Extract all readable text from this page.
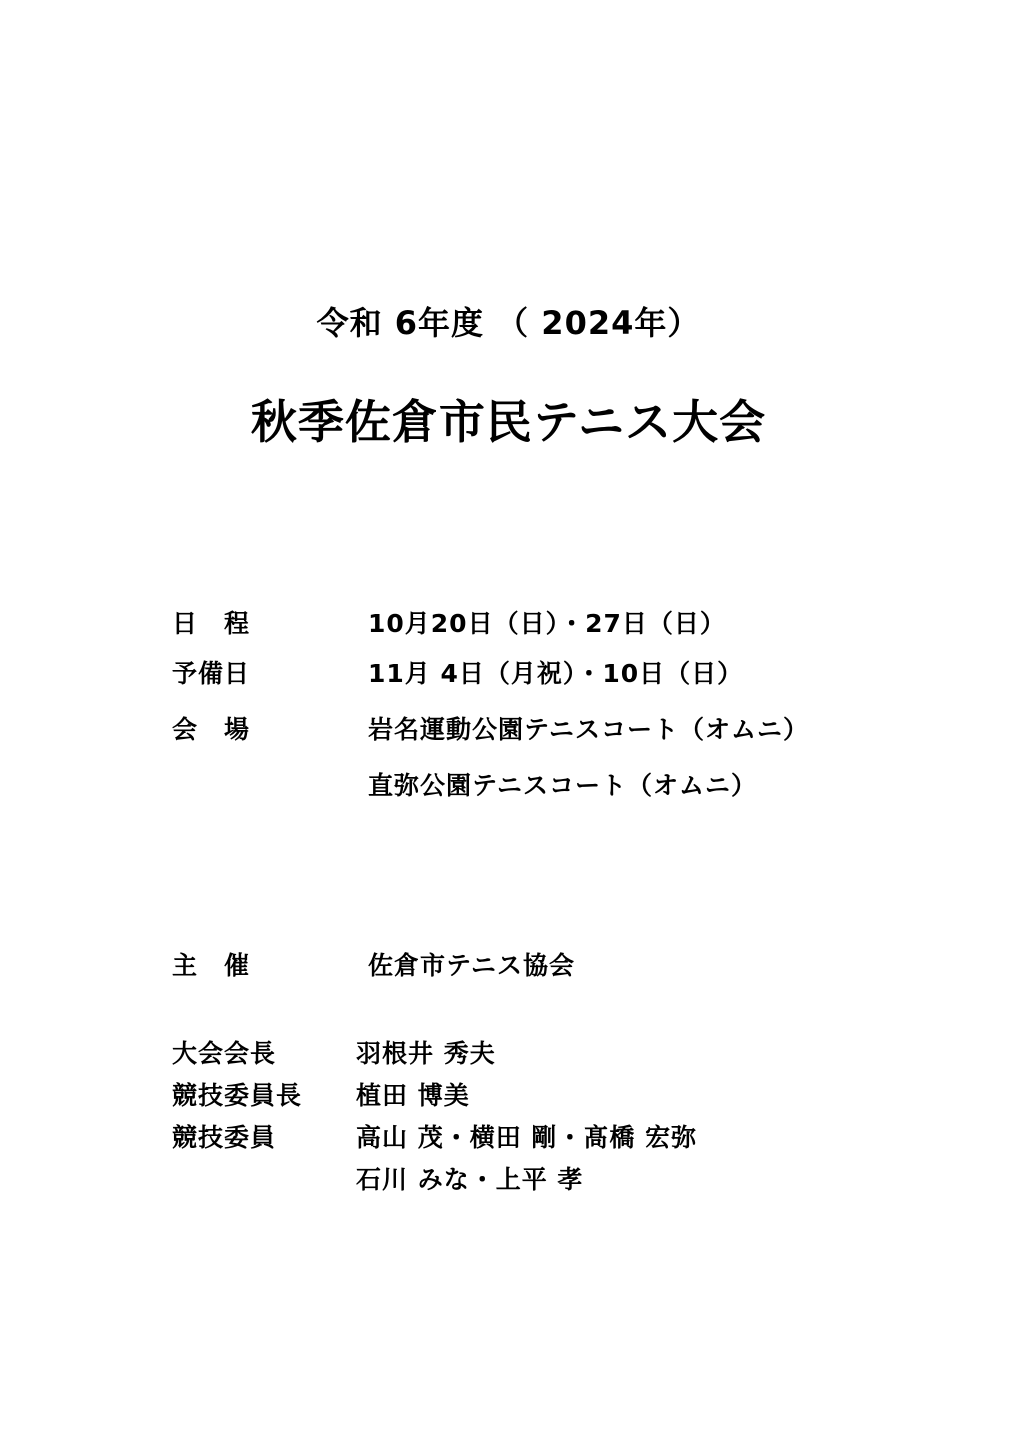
令和 6年度 （ 2024年）
秋季佐倉市民テニス大会
日　程	10月20日（日）・27日（日）
予備日	11月 4日（月祝）・10日（日）
会　場	岩名運動公園テニスコート（オムニ）
直弥公園テニスコート（オムニ）
主　催	佐倉市テニス協会
大会会長	羽根井 秀夫
競技委員長 植田 博美
競技委員	高山 茂・横田 剛・髙橋 宏弥
石川 みな・上平 孝
